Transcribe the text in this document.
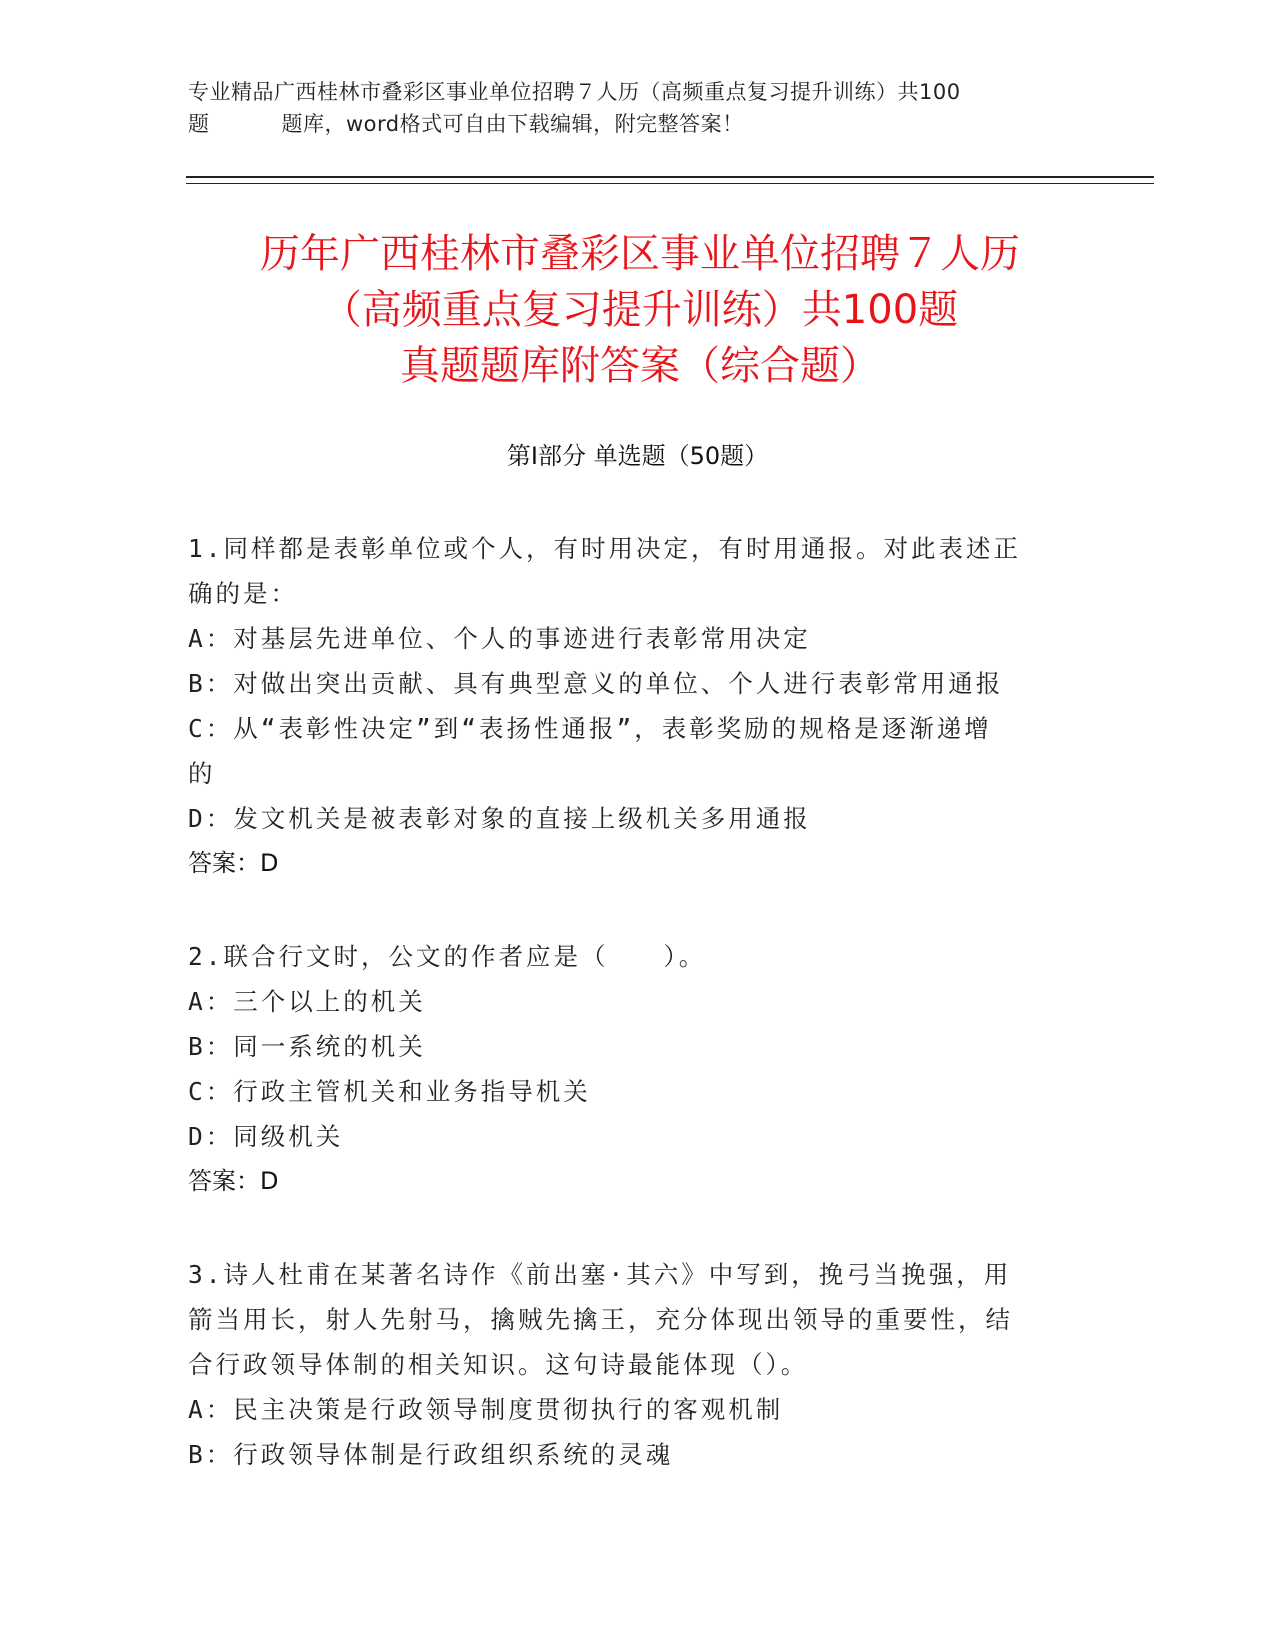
专业精品广西桂林市叠彩区事业单位招聘７人历（高频重点复习提升训练）共100
题	题库，word格式可自由下载编辑，附完整答案！
历年广西桂林市叠彩区事业单位招聘７人历
（高频重点复习提升训练）共100题
真题题库附答案（综合题）
第Ⅰ部分 单选题（50题）
1.同样都是表彰单位或个人，有时用决定，有时用通报。对此表述正
确的是：
A：对基层先进单位、个人的事迹进行表彰常用决定
B：对做出突出贡献、具有典型意义的单位、个人进行表彰常用通报
C：从“表彰性决定”到“表扬性通报”，表彰奖励的规格是逐渐递增
的
D：发文机关是被表彰对象的直接上级机关多用通报
答案：D
2.联合行文时，公文的作者应是（　　）。
A：三个以上的机关
B：同一系统的机关
C：行政主管机关和业务指导机关
D：同级机关
答案：D
3.诗人杜甫在某著名诗作《前出塞·其六》中写到，挽弓当挽强，用
箭当用长，射人先射马，擒贼先擒王，充分体现出领导的重要性，结
合行政领导体制的相关知识。这句诗最能体现（）。
A：民主决策是行政领导制度贯彻执行的客观机制
B：行政领导体制是行政组织系统的灵魂
